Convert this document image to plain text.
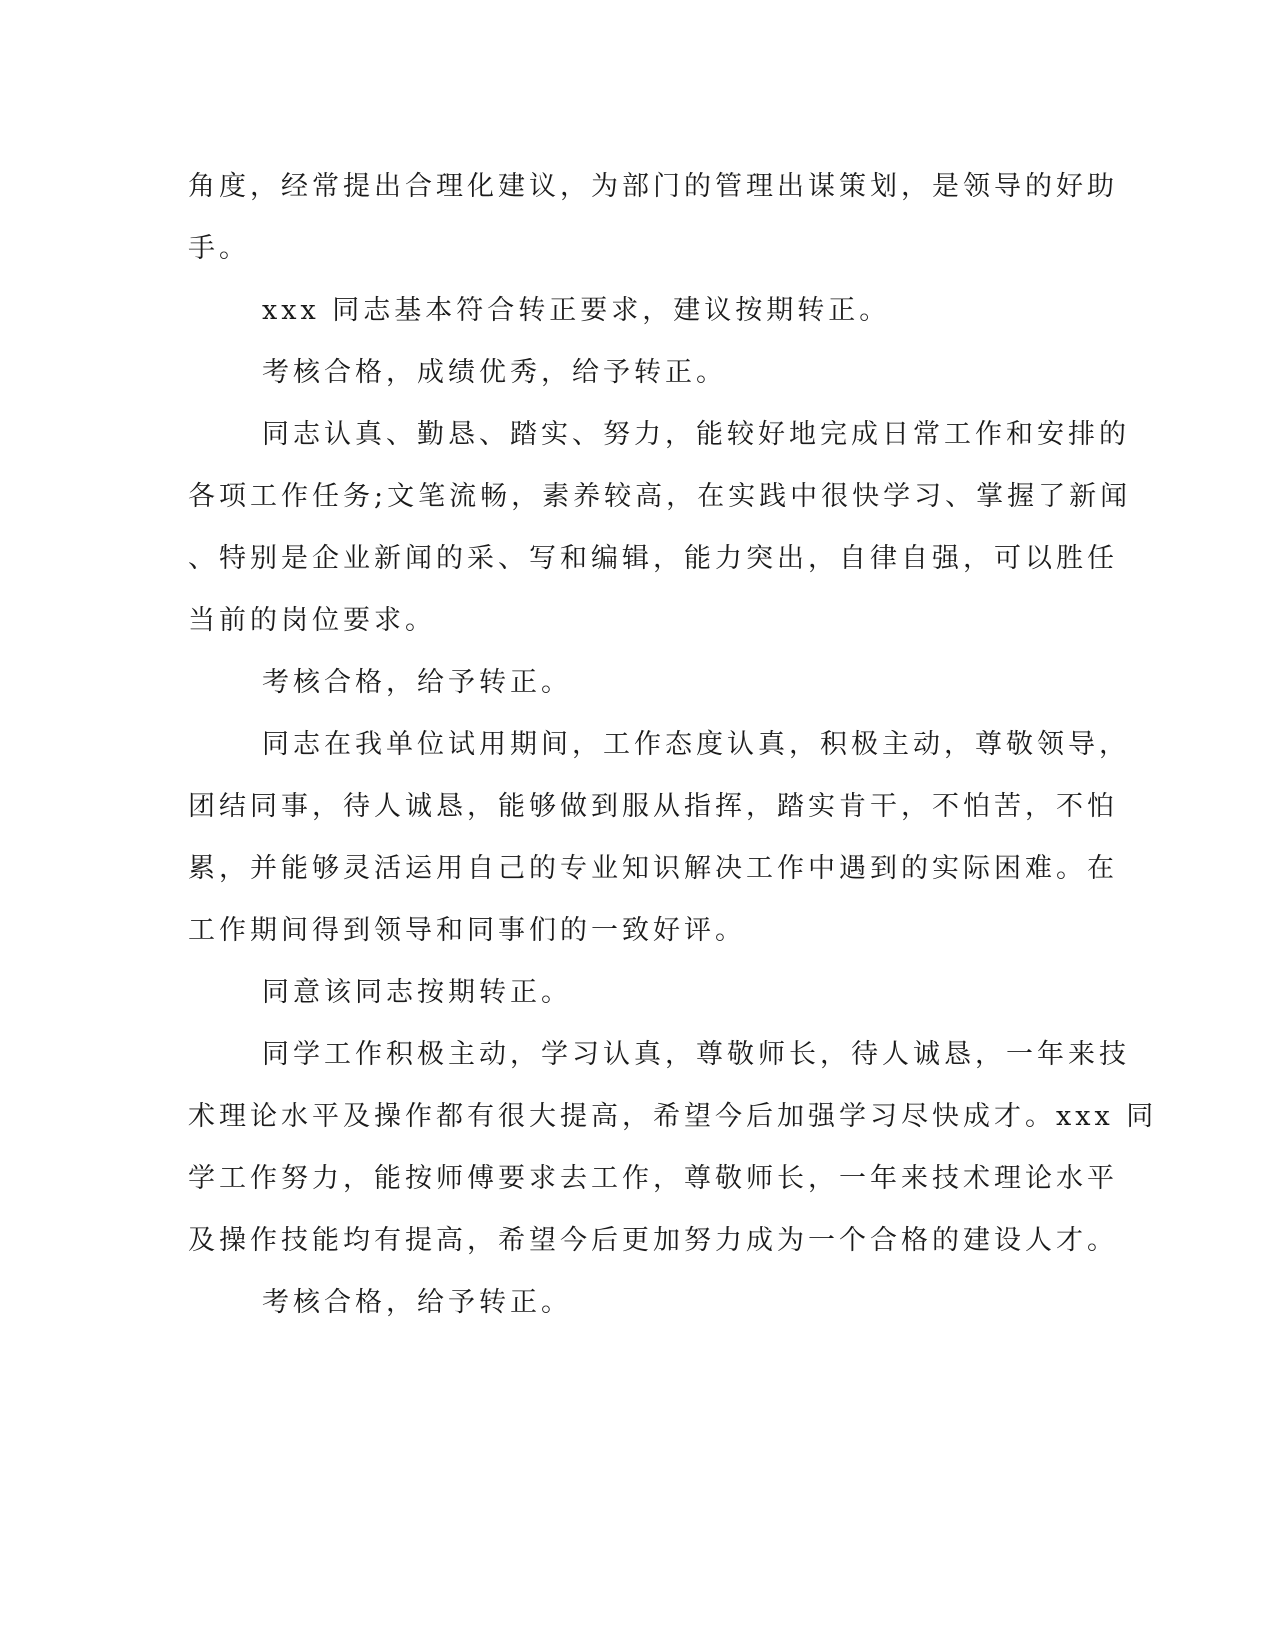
角度，经常提出合理化建议，为部门的管理出谋策划，是领导的好助
手。
xxx 同志基本符合转正要求，建议按期转正。
考核合格，成绩优秀，给予转正。
同志认真、勤恳、踏实、努力，能较好地完成日常工作和安排的
各项工作任务;文笔流畅，素养较高，在实践中很快学习、掌握了新闻
、特别是企业新闻的采、写和编辑，能力突出，自律自强，可以胜任
当前的岗位要求。
考核合格，给予转正。
同志在我单位试用期间，工作态度认真，积极主动，尊敬领导，
团结同事，待人诚恳，能够做到服从指挥，踏实肯干，不怕苦，不怕
累，并能够灵活运用自己的专业知识解决工作中遇到的实际困难。在
工作期间得到领导和同事们的一致好评。
同意该同志按期转正。
同学工作积极主动，学习认真，尊敬师长，待人诚恳，一年来技
术理论水平及操作都有很大提高，希望今后加强学习尽快成才。xxx 同
学工作努力，能按师傅要求去工作，尊敬师长，一年来技术理论水平
及操作技能均有提高，希望今后更加努力成为一个合格的建设人才。
考核合格，给予转正。
